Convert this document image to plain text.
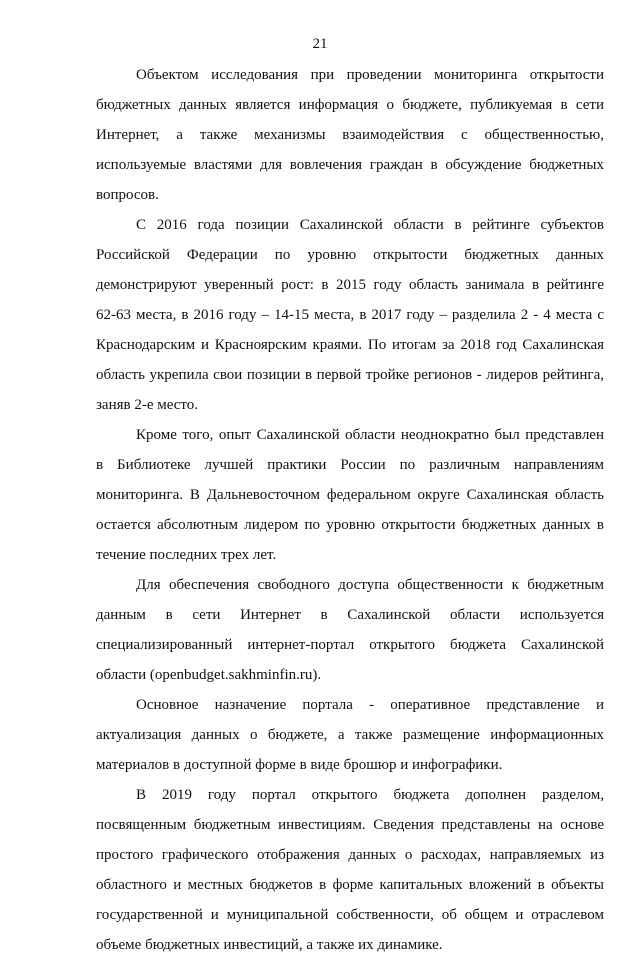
21
Объектом исследования при проведении мониторинга открытости
бюджетных данных является информация о бюджете, публикуемая в сети
Интернет, а также механизмы взаимодействия с общественностью,
используемые властями для вовлечения граждан в обсуждение бюджетных
вопросов.
С 2016 года позиции Сахалинской области в рейтинге субъектов
Российской Федерации по уровню открытости бюджетных данных
демонстрируют уверенный рост: в 2015 году область занимала в рейтинге
62-63 места, в 2016 году – 14-15 места, в 2017 году – разделила 2 - 4 места с
Краснодарским и Красноярским краями. По итогам за 2018 год Сахалинская
область укрепила свои позиции в первой тройке регионов - лидеров рейтинга,
заняв 2-е место.
Кроме того, опыт Сахалинской области неоднократно был представлен
в Библиотеке лучшей практики России по различным направлениям
мониторинга. В Дальневосточном федеральном округе Сахалинская область
остается абсолютным лидером по уровню открытости бюджетных данных в
течение последних трех лет.
Для обеспечения свободного доступа общественности к бюджетным
данным в сети Интернет в Сахалинской области используется
специализированный интернет-портал открытого бюджета Сахалинской
области (openbudget.sakhminfin.ru).
Основное назначение портала - оперативное представление и
актуализация данных о бюджете, а также размещение информационных
материалов в доступной форме в виде брошюр и инфографики.
В 2019 году портал открытого бюджета дополнен разделом,
посвященным бюджетным инвестициям. Сведения представлены на основе
простого графического отображения данных о расходах, направляемых из
областного и местных бюджетов в форме капитальных вложений в объекты
государственной и муниципальной собственности, об общем и отраслевом
объеме бюджетных инвестиций, а также их динамике.
